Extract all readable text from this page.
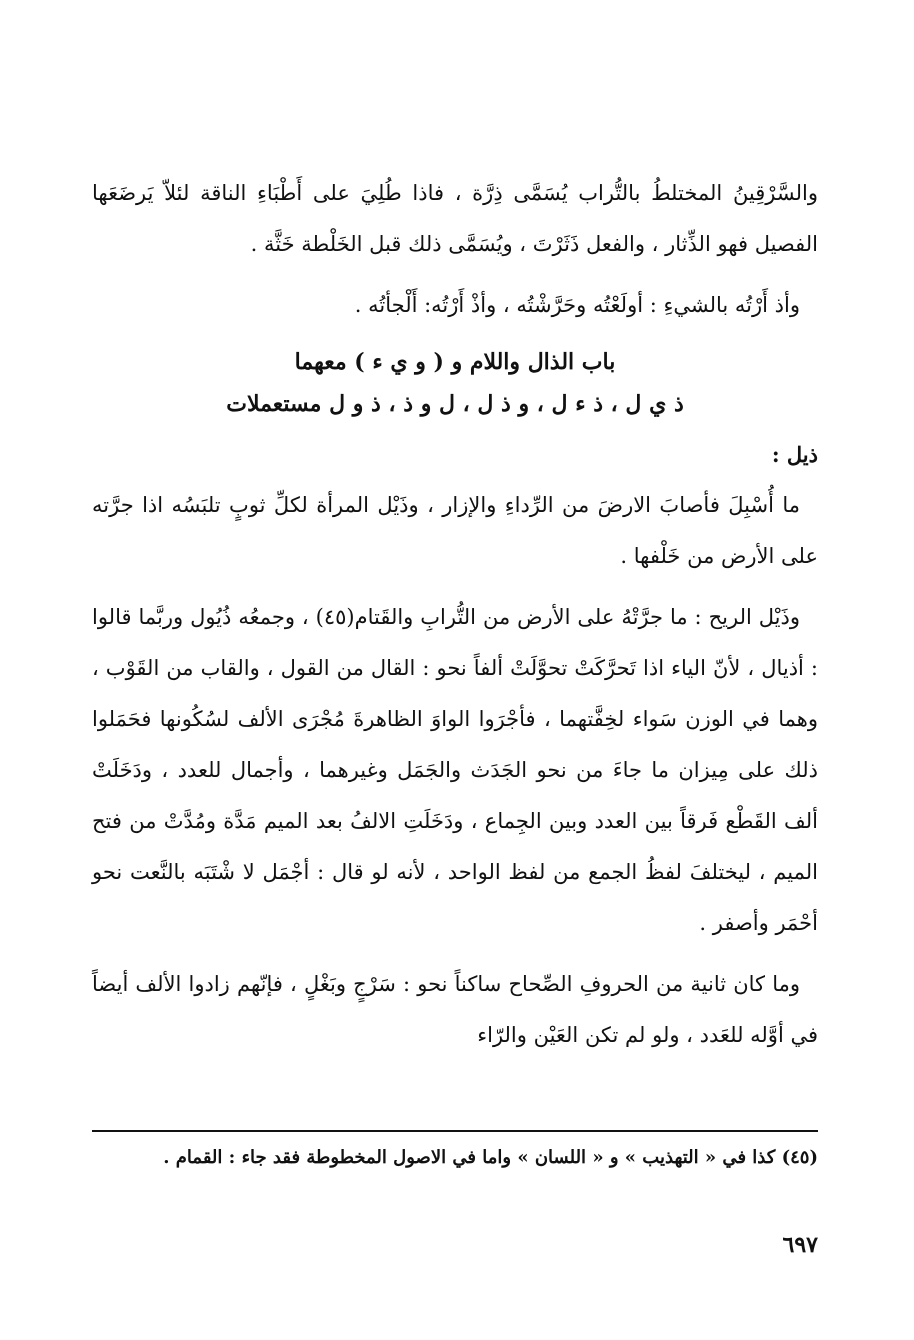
والسَّرْقِينُ المختلطُ بالتُّراب يُسَمَّى ذِرَّة ، فاذا طُلِيَ على أَطْبَاءِ الناقة لئلاّ يَرضَعَها الفصيل فهو الذِّثار ، والفعل ذَثَرْتَ ، ويُسَمَّى ذلك قبل الخَلْطة خَثَّة .

وأذ أَرْتُه بالشيءِ : أولَعْتُه وحَرَّشْتُه ، وأذْ أَرْتُه: أَلْجأتُه .

باب الذال واللام و ( و ي ء ) معهما
ذ ي ل ، ذ ء ل ، و ذ ل ، ل و ذ ، ذ و ل مستعملات
ذيل :

ما أُسْبِلَ فأصابَ الارضَ من الرِّداءِ والإزار ، وذَيْل المرأة لكلِّ ثوبٍ تلبَسُه اذا جرَّته على الأرض من خَلْفها .

وذَيْل الريح : ما جرَّتْهُ على الأرض من التُّرابِ والقَتام(٤٥) ، وجمعُه ذُيُول وربَّما قالوا : أذيال ، لأنّ الياء اذا تَحرَّكَتْ تحوَّلَتْ ألفاً نحو : القال من القول ، والقاب من القَوْب ، وهما في الوزن سَواء لخِفَّتهما ، فأجْرَوا الواوَ الظاهرةَ مُجْرَى الألف لسُكُونها فحَمَلوا ذلك على مِيزان ما جاءَ من نحو الجَدَث والجَمَل وغيرهما ، وأجمال للعدد ، ودَخَلَتْ ألف القَطْع فَرقاً بين العدد وبين الجِماع ، ودَخَلَتِ الالفُ بعد الميم مَدَّة ومُدَّتْ من فتح الميم ، ليختلفَ لفظُ الجمع من لفظ الواحد ، لأنه لو قال : أجْمَل لا شْتَبَه بالنَّعت نحو أحْمَر وأصفر .

وما كان ثانية من الحروفِ الصِّحاح ساكناً نحو : سَرْجٍ وبَغْلٍ ، فإنّهم زادوا الألف أيضاً في أوَّله للعَدد ، ولو لم تكن العَيْن والرّاء

(٤٥) كذا في « التهذيب » و « اللسان » واما في الاصول المخطوطة فقد جاء : القمام .
٦٩٧
